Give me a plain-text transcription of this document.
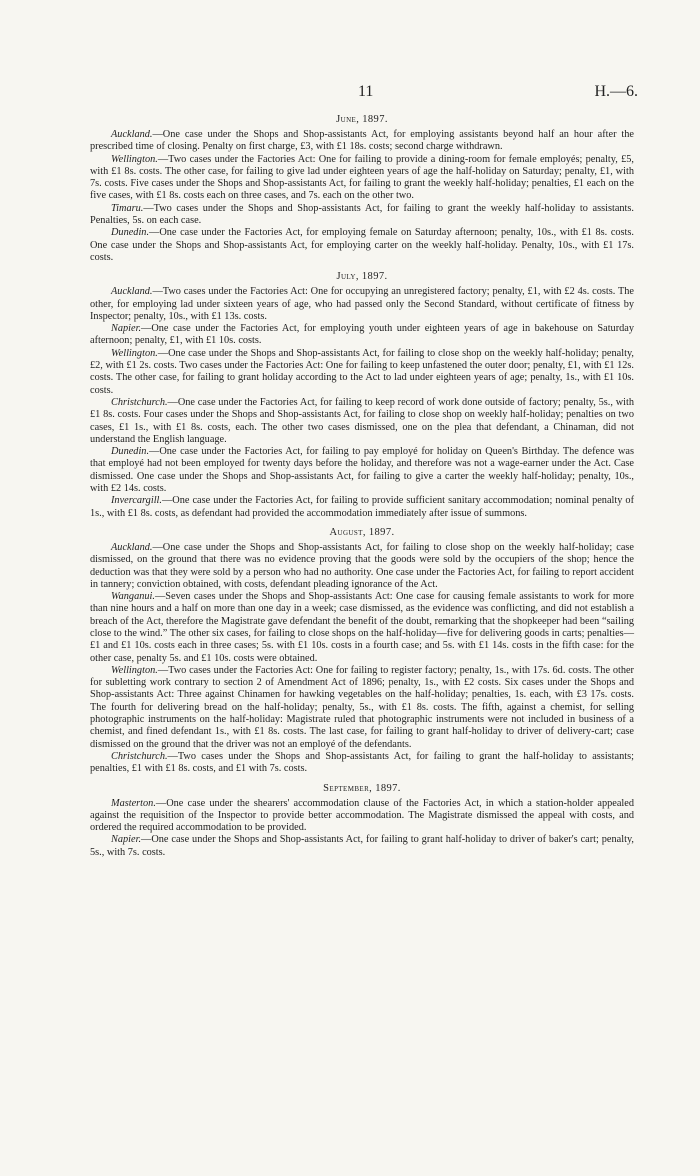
11	H.—6.
June, 1897.

Auckland.—One case under the Shops and Shop-assistants Act, for employing assistants beyond half an hour after the prescribed time of closing. Penalty on first charge, £3, with £1 18s. costs; second charge withdrawn.

Wellington.—Two cases under the Factories Act: One for failing to provide a dining-room for female employés; penalty, £5, with £1 8s. costs. The other case, for failing to give lad under eighteen years of age the half-holiday on Saturday; penalty, £1, with 7s. costs. Five cases under the Shops and Shop-assistants Act, for failing to grant the weekly half-holiday; penalties, £1 each on the five cases, with £1 8s. costs each on three cases, and 7s. each on the other two.

Timaru.—Two cases under the Shops and Shop-assistants Act, for failing to grant the weekly half-holiday to assistants. Penalties, 5s. on each case.

Dunedin.—One case under the Factories Act, for employing female on Saturday afternoon; penalty, 10s., with £1 8s. costs. One case under the Shops and Shop-assistants Act, for employing carter on the weekly half-holiday. Penalty, 10s., with £1 17s. costs.

July, 1897.

Auckland.—Two cases under the Factories Act: One for occupying an unregistered factory; penalty, £1, with £2 4s. costs. The other, for employing lad under sixteen years of age, who had passed only the Second Standard, without certificate of fitness by Inspector; penalty, 10s., with £1 13s. costs.

Napier.—One case under the Factories Act, for employing youth under eighteen years of age in bakehouse on Saturday afternoon; penalty, £1, with £1 10s. costs.

Wellington.—One case under the Shops and Shop-assistants Act, for failing to close shop on the weekly half-holiday; penalty, £2, with £1 2s. costs. Two cases under the Factories Act: One for failing to keep unfastened the outer door; penalty, £1, with £1 12s. costs. The other case, for failing to grant holiday according to the Act to lad under eighteen years of age; penalty, 1s., with £1 10s. costs.

Christchurch.—One case under the Factories Act, for failing to keep record of work done outside of factory; penalty, 5s., with £1 8s. costs. Four cases under the Shops and Shop-assistants Act, for failing to close shop on weekly half-holiday; penalties on two cases, £1 1s., with £1 8s. costs, each. The other two cases dismissed, one on the plea that defendant, a Chinaman, did not understand the English language.

Dunedin.—One case under the Factories Act, for failing to pay employé for holiday on Queen's Birthday. The defence was that employé had not been employed for twenty days before the holiday, and therefore was not a wage-earner under the Act. Case dismissed. One case under the Shops and Shop-assistants Act, for failing to give a carter the weekly half-holiday; penalty, 10s., with £2 14s. costs.

Invercargill.—One case under the Factories Act, for failing to provide sufficient sanitary accommodation; nominal penalty of 1s., with £1 8s. costs, as defendant had provided the accommodation immediately after issue of summons.

August, 1897.

Auckland.—One case under the Shops and Shop-assistants Act, for failing to close shop on the weekly half-holiday; case dismissed, on the ground that there was no evidence proving that the goods were sold by the occupiers of the shop; hence the deduction was that they were sold by a person who had no authority. One case under the Factories Act, for failing to report accident in tannery; conviction obtained, with costs, defendant pleading ignorance of the Act.

Wanganui.—Seven cases under the Shops and Shop-assistants Act: One case for causing female assistants to work for more than nine hours and a half on more than one day in a week; case dismissed, as the evidence was conflicting, and did not establish a breach of the Act, therefore the Magistrate gave defendant the benefit of the doubt, remarking that the shopkeeper had been “sailing close to the wind.” The other six cases, for failing to close shops on the half-holiday—five for delivering goods in carts; penalties—£1 and £1 10s. costs each in three cases; 5s. with £1 10s. costs in a fourth case; and 5s. with £1 14s. costs in the fifth case: for the other case, penalty 5s. and £1 10s. costs were obtained.

Wellington.—Two cases under the Factories Act: One for failing to register factory; penalty, 1s., with 17s. 6d. costs. The other for subletting work contrary to section 2 of Amendment Act of 1896; penalty, 1s., with £2 costs. Six cases under the Shops and Shop-assistants Act: Three against Chinamen for hawking vegetables on the half-holiday; penalties, 1s. each, with £3 17s. costs. The fourth for delivering bread on the half-holiday; penalty, 5s., with £1 8s. costs. The fifth, against a chemist, for selling photographic instruments on the half-holiday: Magistrate ruled that photographic instruments were not included in business of a chemist, and fined defendant 1s., with £1 8s. costs. The last case, for failing to grant half-holiday to driver of delivery-cart; case dismissed on the ground that the driver was not an employé of the defendants.

Christchurch.—Two cases under the Shops and Shop-assistants Act, for failing to grant the half-holiday to assistants; penalties, £1 with £1 8s. costs, and £1 with 7s. costs.

September, 1897.

Masterton.—One case under the shearers' accommodation clause of the Factories Act, in which a station-holder appealed against the requisition of the Inspector to provide better accommodation. The Magistrate dismissed the appeal with costs, and ordered the required accommodation to be provided.

Napier.—One case under the Shops and Shop-assistants Act, for failing to grant half-holiday to driver of baker's cart; penalty, 5s., with 7s. costs.
